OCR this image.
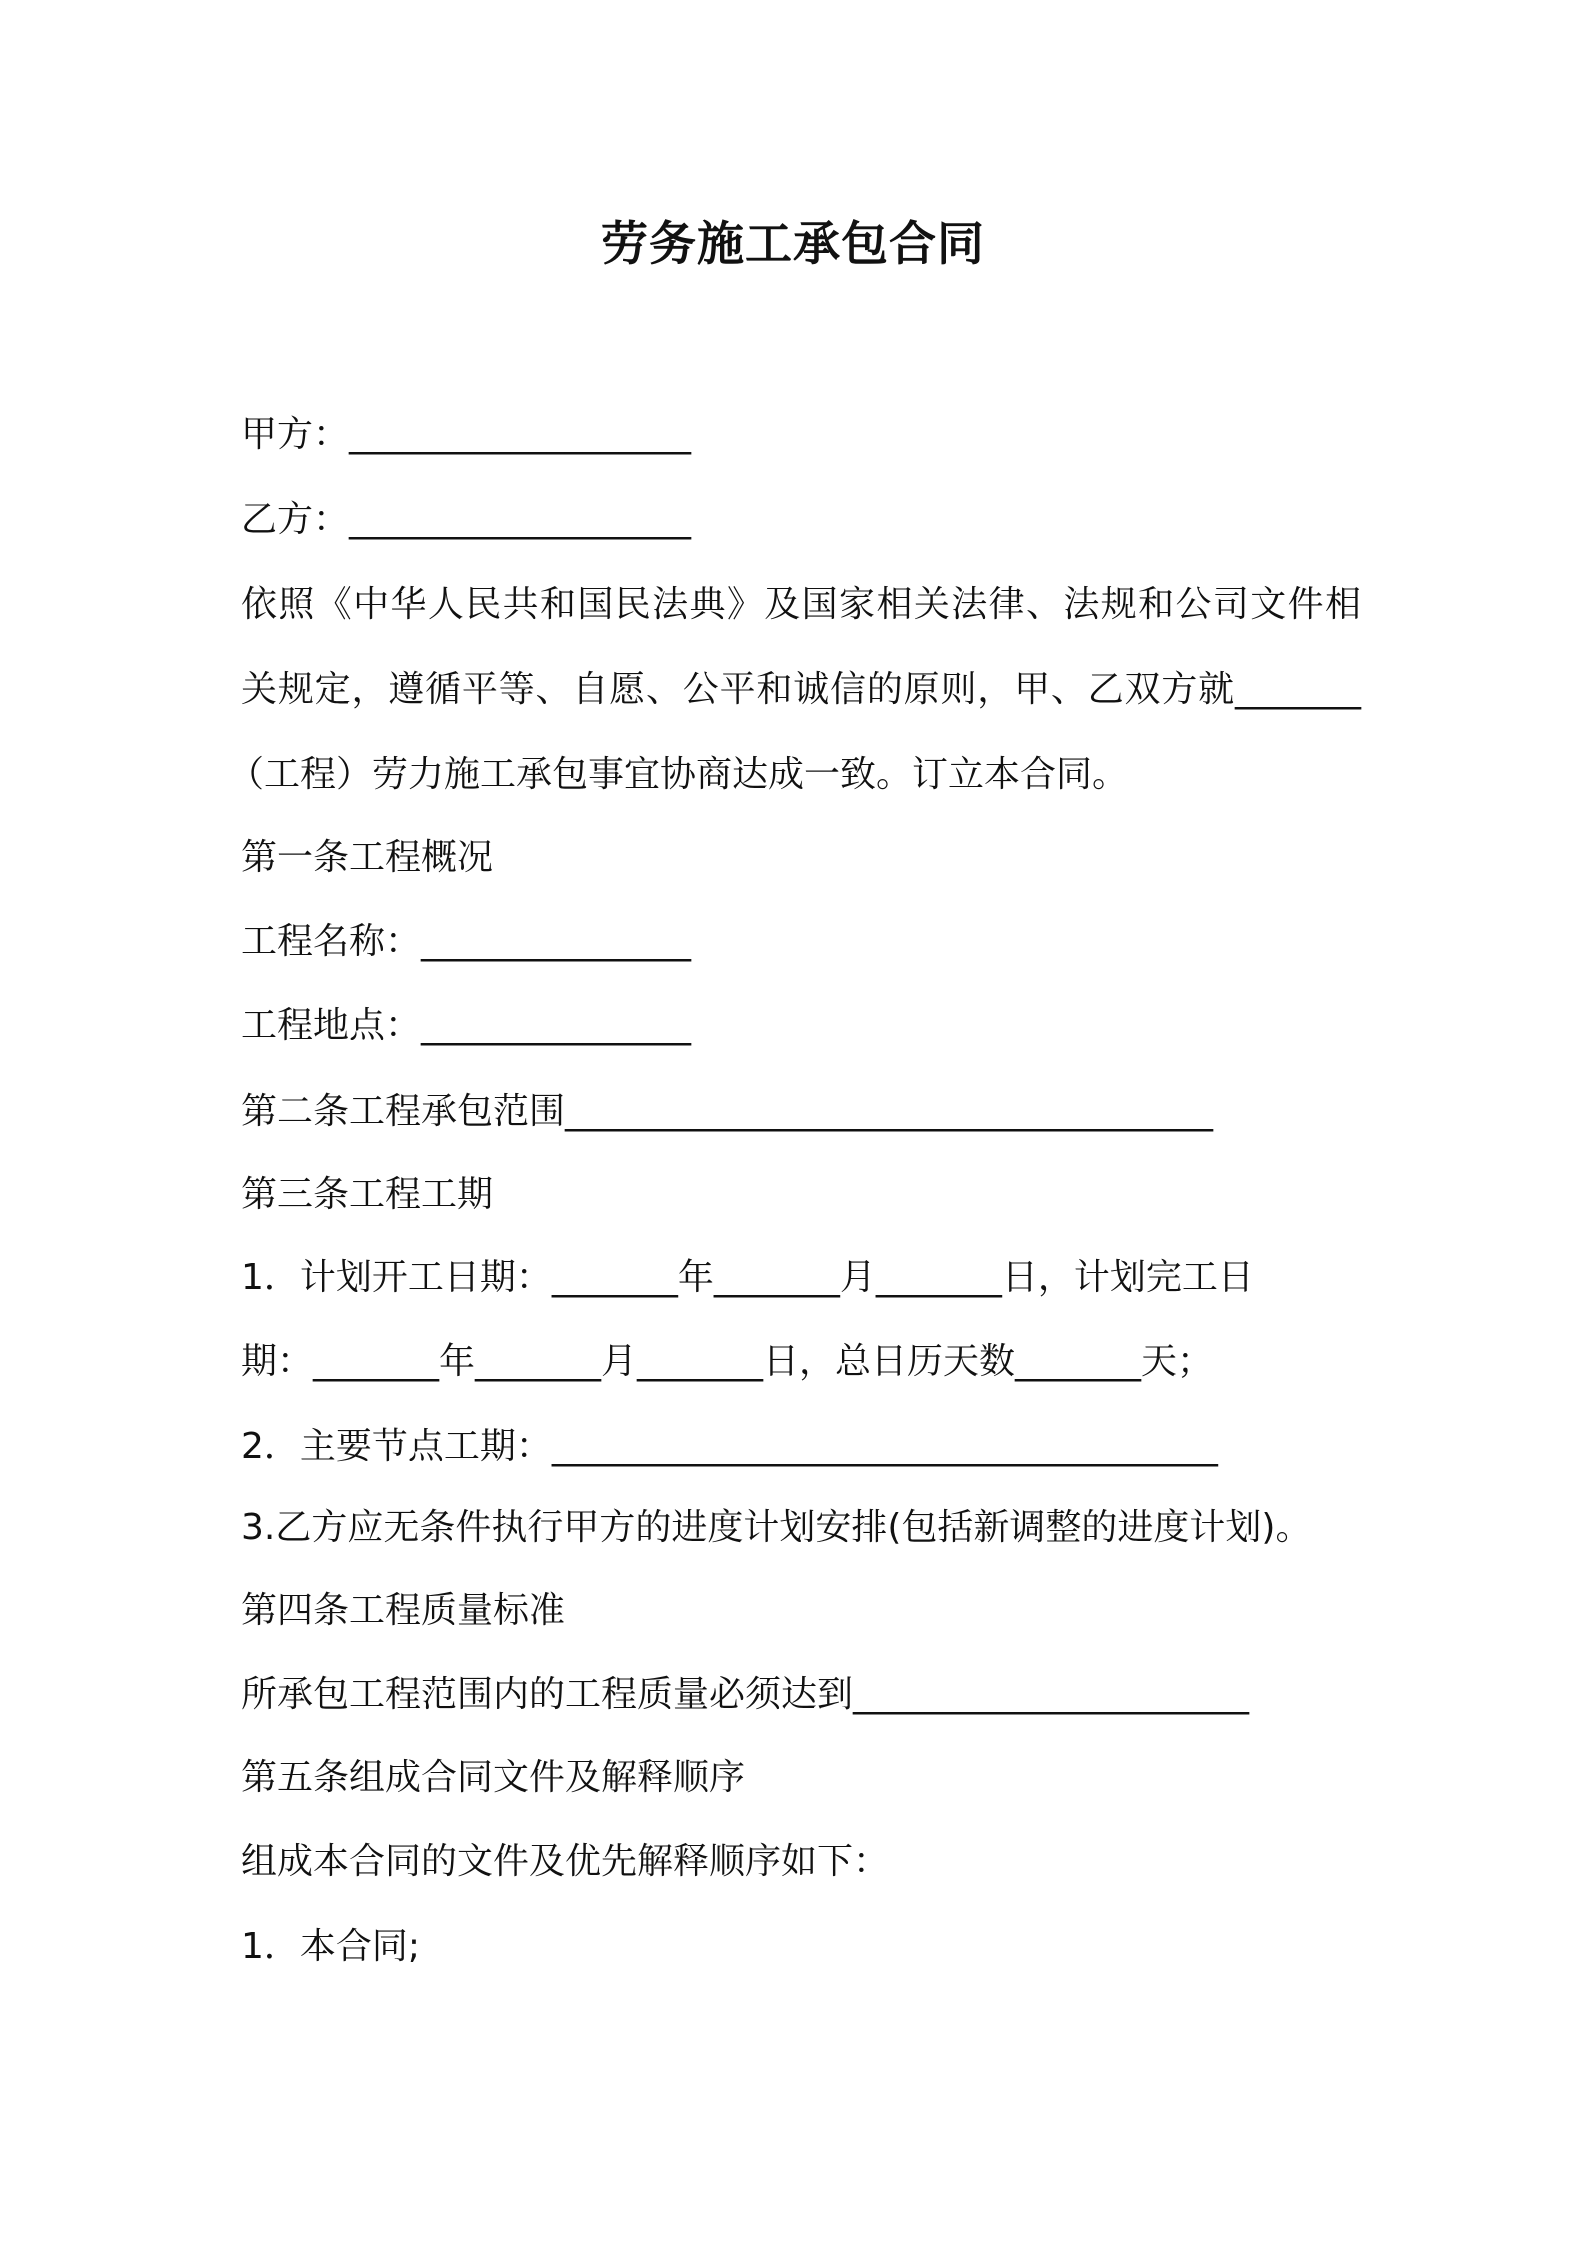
劳务施工承包合同

甲方：___________________

乙方：___________________

依照《中华人民共和国民法典》及国家相关法律、法规和公司文件相

关规定，遵循平等、自愿、公平和诚信的原则，甲、乙双方就_______

（工程）劳力施工承包事宜协商达成一致。订立本合同。

第一条工程概况

工程名称：_______________

工程地点：_______________

第二条工程承包范围____________________________________

第三条工程工期

1．计划开工日期：_______年_______月_______日，计划完工日

期：_______年_______月_______日，总日历天数_______天；

2．主要节点工期：_____________________________________

3.乙方应无条件执行甲方的进度计划安排(包括新调整的进度计划)。

第四条工程质量标准

所承包工程范围内的工程质量必须达到______________________

第五条组成合同文件及解释顺序

组成本合同的文件及优先解释顺序如下：

1．本合同;
